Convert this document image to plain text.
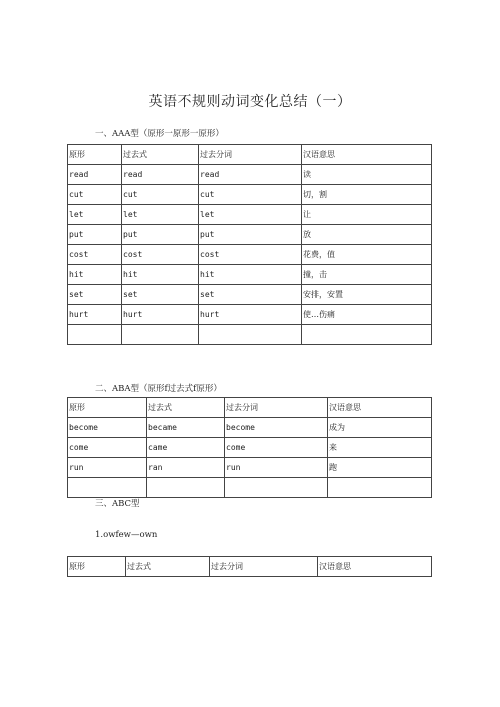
英语不规则动词变化总结（一）
一、AAA型（原形一原形一原形）
原形	过去式	过去分词	汉语意思
read	read	read	读
cut	cut	cut	切，割
let	let	let	让
put	put	put	放
cost	cost	cost	花费，值
hit	hit	hit	撞，击
set	set	set	安排，安置
hurt	hurt	hurt	使…伤痛

二、ABA型（原形f过去式f原形）
原形	过去式	过去分词	汉语意思
become	became	become	成为
come	came	come	来
run	ran	run	跑

三、ABC型
1.owfew—own
原形	过去式	过去分词	汉语意思
